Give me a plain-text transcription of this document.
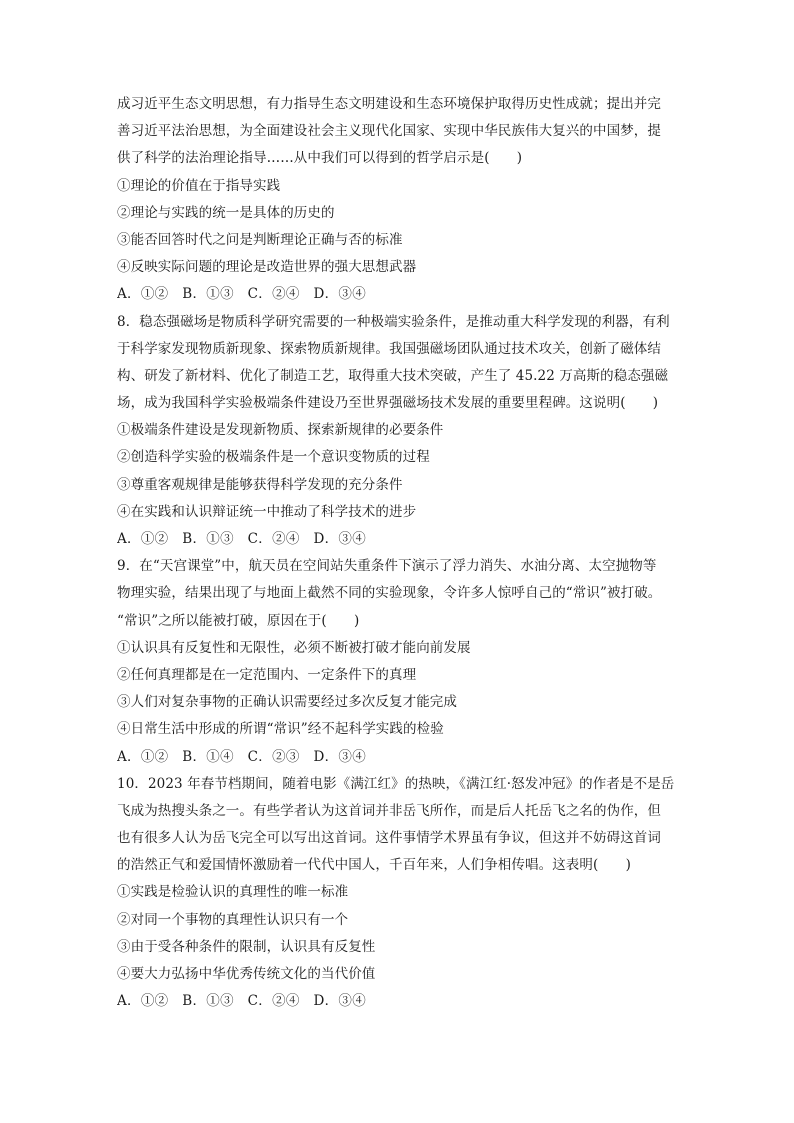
成习近平生态文明思想，有力指导生态文明建设和生态环境保护取得历史性成就；提出并完
善习近平法治思想，为全面建设社会主义现代化国家、实现中华民族伟大复兴的中国梦，提
供了科学的法治理论指导……从中我们可以得到的哲学启示是(　　)
①理论的价值在于指导实践
②理论与实践的统一是具体的历史的
③能否回答时代之问是判断理论正确与否的标准
④反映实际问题的理论是改造世界的强大思想武器
A．①②　B．①③　C．②④　D．③④
8．稳态强磁场是物质科学研究需要的一种极端实验条件，是推动重大科学发现的利器，有利
于科学家发现物质新现象、探索物质新规律。我国强磁场团队通过技术攻关，创新了磁体结
构、研发了新材料、优化了制造工艺，取得重大技术突破，产生了 45.22 万高斯的稳态强磁
场，成为我国科学实验极端条件建设乃至世界强磁场技术发展的重要里程碑。这说明(　　)
①极端条件建设是发现新物质、探索新规律的必要条件
②创造科学实验的极端条件是一个意识变物质的过程
③尊重客观规律是能够获得科学发现的充分条件
④在实践和认识辩证统一中推动了科学技术的进步
A．①②　B．①③　C．②④　D．③④
9．在“天宫课堂”中，航天员在空间站失重条件下演示了浮力消失、水油分离、太空抛物等
物理实验，结果出现了与地面上截然不同的实验现象，令许多人惊呼自己的“常识”被打破。
“常识”之所以能被打破，原因在于(　　)
①认识具有反复性和无限性，必须不断被打破才能向前发展
②任何真理都是在一定范围内、一定条件下的真理
③人们对复杂事物的正确认识需要经过多次反复才能完成
④日常生活中形成的所谓“常识”经不起科学实践的检验
A．①②　B．①④　C．②③　D．③④
10．2023 年春节档期间，随着电影《满江红》的热映，《满江红·怒发冲冠》的作者是不是岳
飞成为热搜头条之一。有些学者认为这首词并非岳飞所作，而是后人托岳飞之名的伪作，但
也有很多人认为岳飞完全可以写出这首词。这件事情学术界虽有争议，但这并不妨碍这首词
的浩然正气和爱国情怀激励着一代代中国人，千百年来，人们争相传唱。这表明(　　)
①实践是检验认识的真理性的唯一标准
②对同一个事物的真理性认识只有一个
③由于受各种条件的限制，认识具有反复性
④要大力弘扬中华优秀传统文化的当代价值
A．①②　B．①③　C．②④　D．③④
